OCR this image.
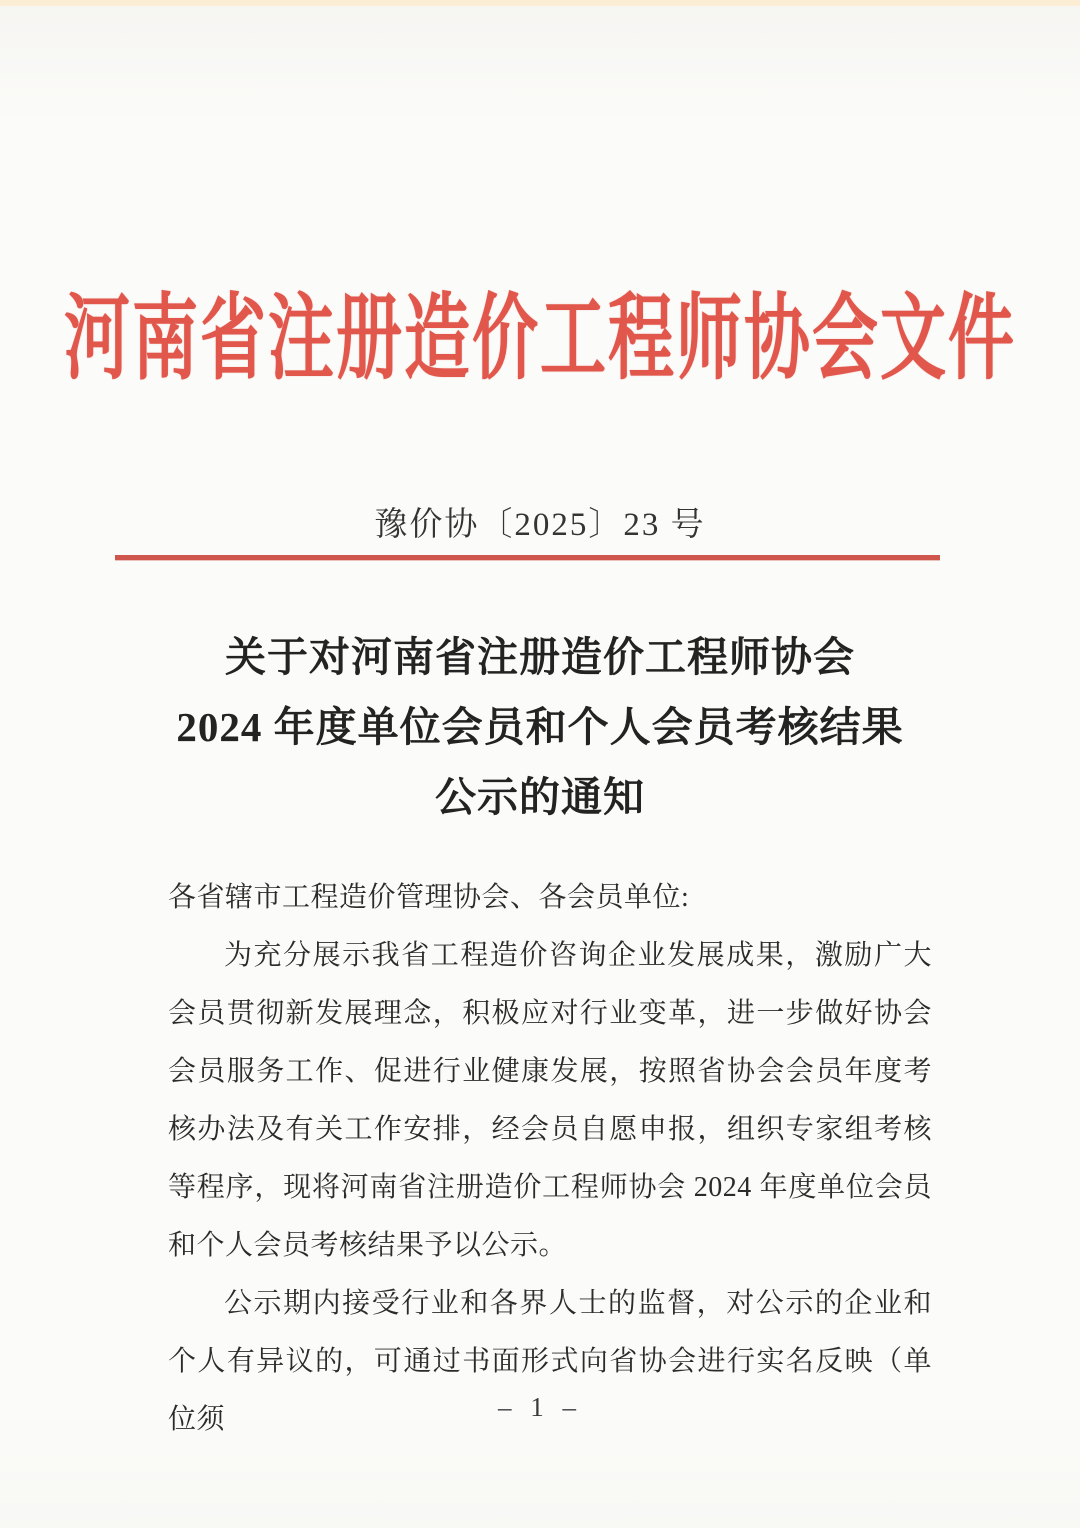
河南省注册造价工程师协会文件
豫价协〔2025〕23 号
关于对河南省注册造价工程师协会
2024 年度单位会员和个人会员考核结果
公示的通知

各省辖市工程造价管理协会、各会员单位:

为充分展示我省工程造价咨询企业发展成果，激励广大会员贯彻新发展理念，积极应对行业变革，进一步做好协会会员服务工作、促进行业健康发展，按照省协会会员年度考核办法及有关工作安排，经会员自愿申报，组织专家组考核等程序，现将河南省注册造价工程师协会 2024 年度单位会员和个人会员考核结果予以公示。

公示期内接受行业和各界人士的监督，对公示的企业和个人有异议的，可通过书面形式向省协会进行实名反映（单位须	– 1 –
